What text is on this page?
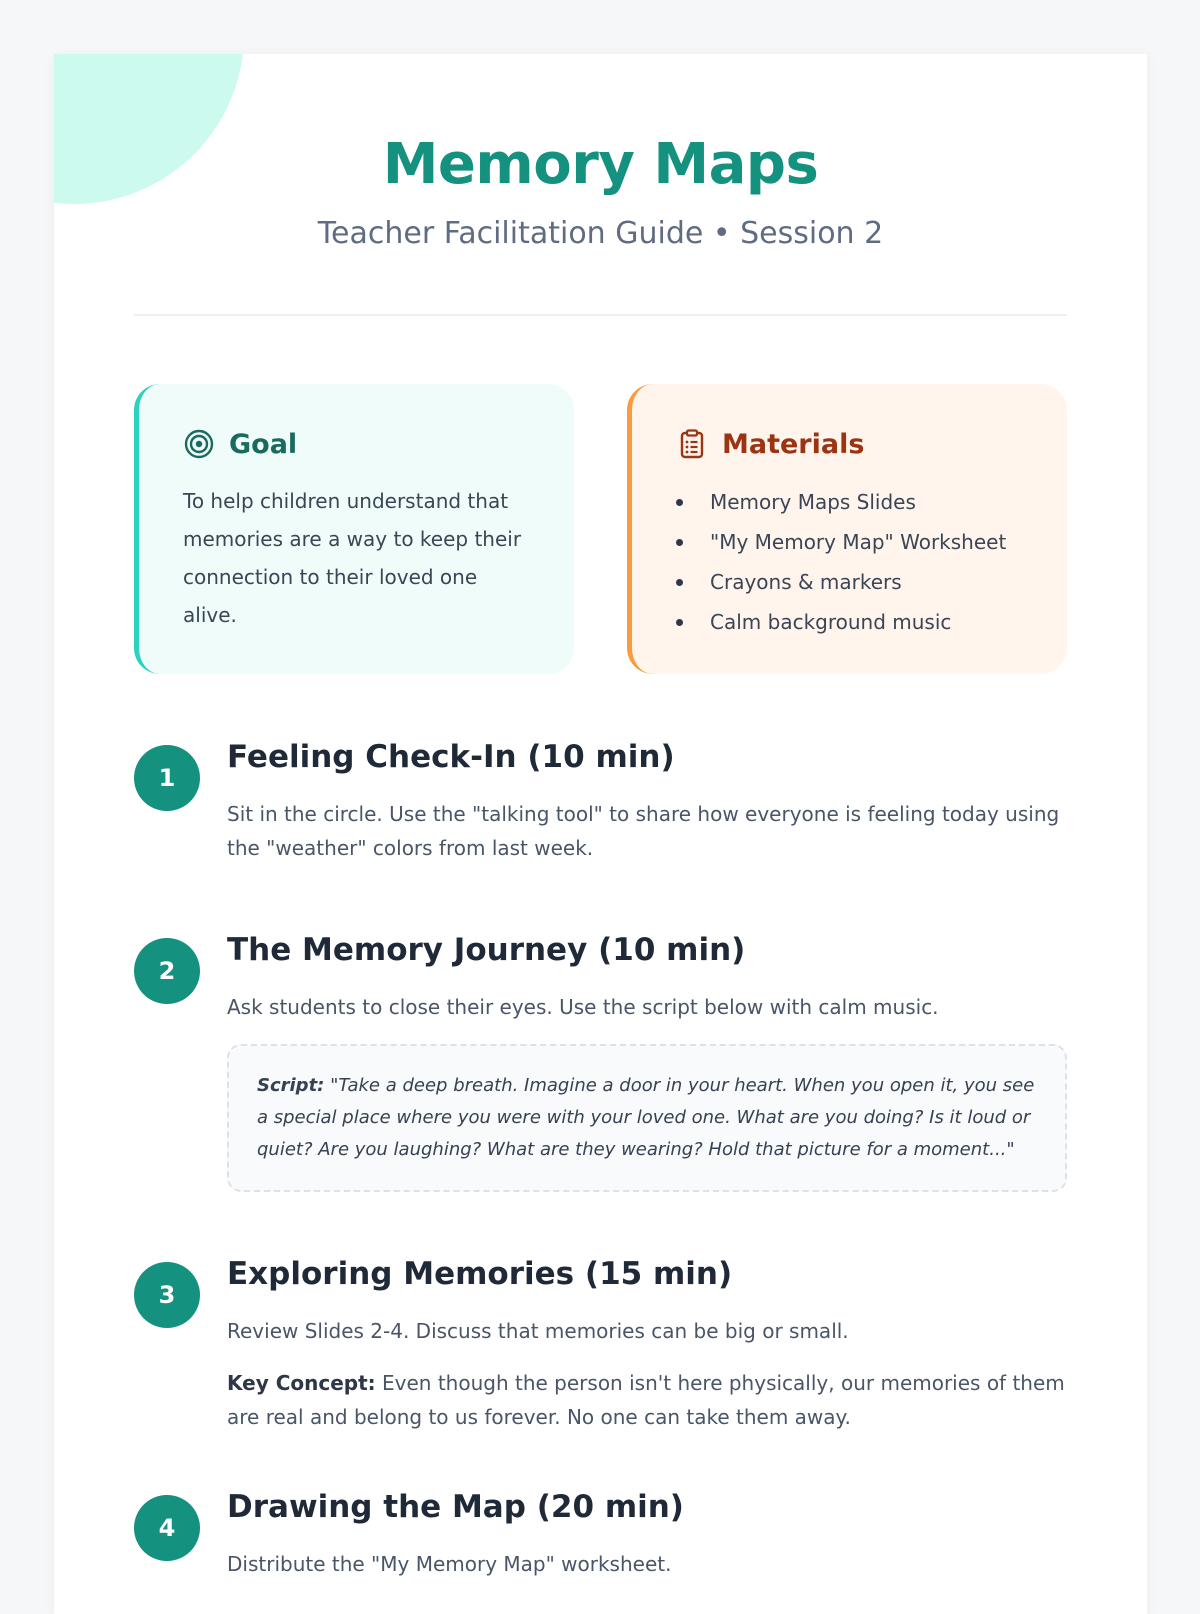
Memory Maps
Teacher Facilitation Guide • Session 2
Goal

To help children understand that memories are a way to keep their connection to their loved one alive.

Materials
Memory Maps Slides
"My Memory Map" Worksheet
Crayons & markers
Calm background music
1
Feeling Check-In (10 min)

Sit in the circle. Use the "talking tool" to share how everyone is feeling today using the "weather" colors from last week.

2
The Memory Journey (10 min)

Ask students to close their eyes. Use the script below with calm music.

Script: "Take a deep breath. Imagine a door in your heart. When you open it, you see a special place where you were with your loved one. What are you doing? Is it loud or quiet? Are you laughing? What are they wearing? Hold that picture for a moment..."
3
Exploring Memories (15 min)

Review Slides 2-4. Discuss that memories can be big or small.

Key Concept: Even though the person isn't here physically, our memories of them are real and belong to us forever. No one can take them away.

4
Drawing the Map (20 min)

Distribute the "My Memory Map" worksheet.
